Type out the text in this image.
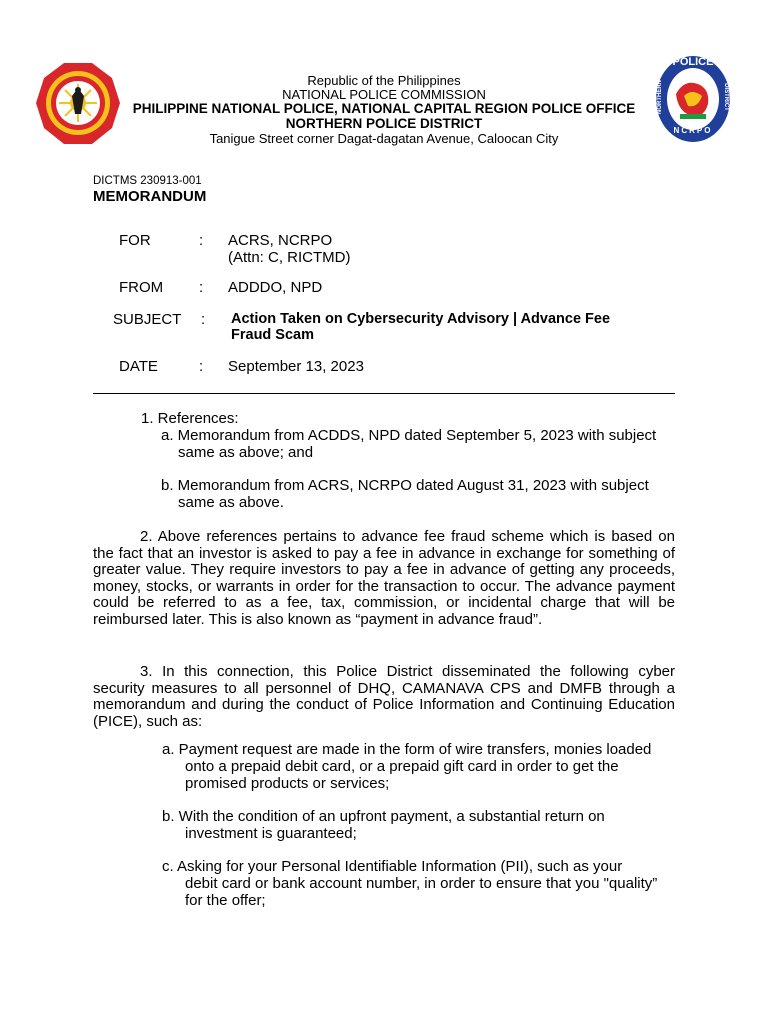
POLICE
NCRPO
NORTHERN	DISTRICT
Republic of the Philippines
NATIONAL POLICE COMMISSION
PHILIPPINE NATIONAL POLICE, NATIONAL CAPITAL REGION POLICE OFFICE
NORTHERN POLICE DISTRICT
Tanigue Street corner Dagat-dagatan Avenue, Caloocan City
DICTMS 230913-001
MEMORANDUM
FOR	: ACRS, NCRPO
(Attn: C, RICTMD)
FROM : ADDDO, NPD
SUBJECT : Action Taken on Cybersecurity Advisory | Advance Fee
Fraud Scam
DATE	: September 13, 2023
1. References:
a. Memorandum from ACDDS, NPD dated September 5, 2023 with subject
same as above; and
b. Memorandum from ACRS, NCRPO dated August 31, 2023 with subject
same as above.
2. Above references pertains to advance fee fraud scheme which is based on the fact that an investor is asked to pay a fee in advance in exchange for something of greater value. They require investors to pay a fee in advance of getting any proceeds, money, stocks, or warrants in order for the transaction to occur. The advance payment could be referred to as a fee, tax, commission, or incidental charge that will be reimbursed later. This is also known as “payment in advance fraud”.
3. In this connection, this Police District disseminated the following cyber security measures to all personnel of DHQ, CAMANAVA CPS and DMFB through a memorandum and during the conduct of Police Information and Continuing Education (PICE), such as:
a. Payment request are made in the form of wire transfers, monies loaded
onto a prepaid debit card, or a prepaid gift card in order to get the
promised products or services;
b. With the condition of an upfront payment, a substantial return on
investment is guaranteed;
c. Asking for your Personal Identifiable Information (PII), such as your
debit card or bank account number, in order to ensure that you "quality”
for the offer;
